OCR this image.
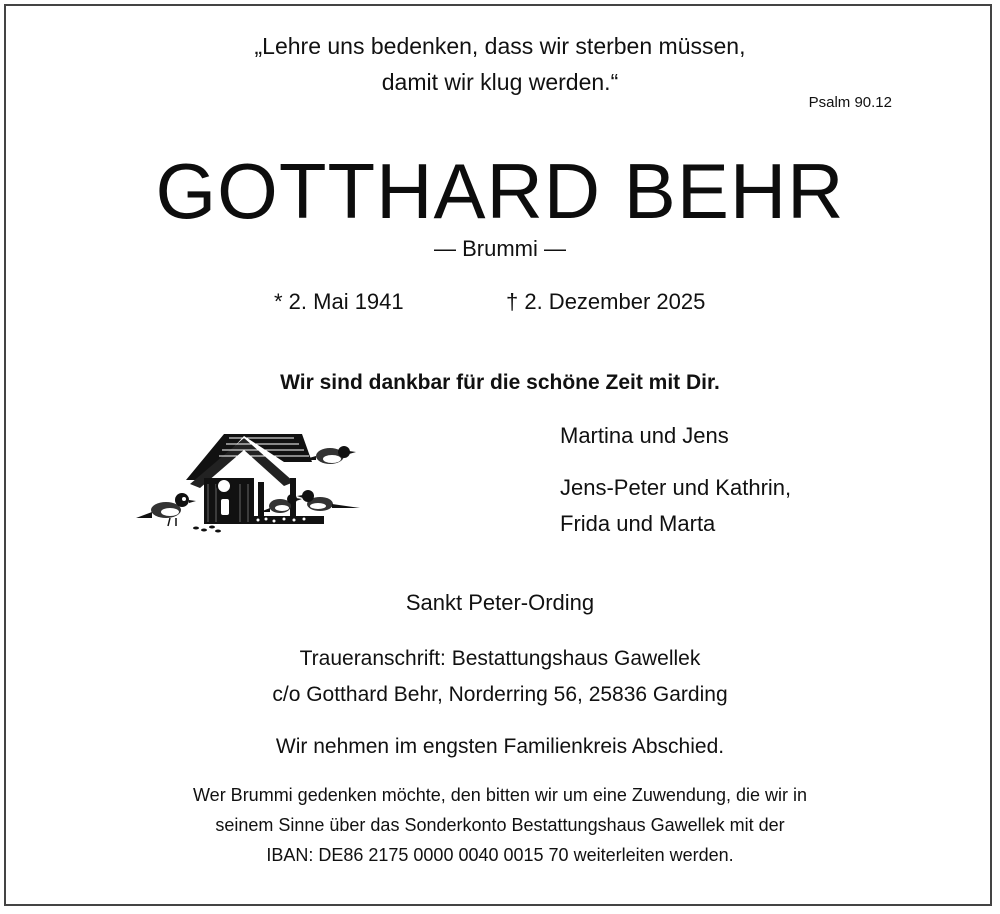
„Lehre uns bedenken, dass wir sterben müssen,
damit wir klug werden.“
Psalm 90.12
GOTTHARD BEHR
— Brummi —
* 2. Mai 1941	† 2. Dezember 2025
Wir sind dankbar für die schöne Zeit mit Dir.
Martina und Jens
Jens-Peter und Kathrin,
Frida und Marta
Sankt Peter-Ording
Traueranschrift: Bestattungshaus Gawellek
c/o Gotthard Behr, Norderring 56, 25836 Garding
Wir nehmen im engsten Familienkreis Abschied.
Wer Brummi gedenken möchte, den bitten wir um eine Zuwendung, die wir in
seinem Sinne über das Sonderkonto Bestattungshaus Gawellek mit der
IBAN: DE86 2175 0000 0040 0015 70 weiterleiten werden.
